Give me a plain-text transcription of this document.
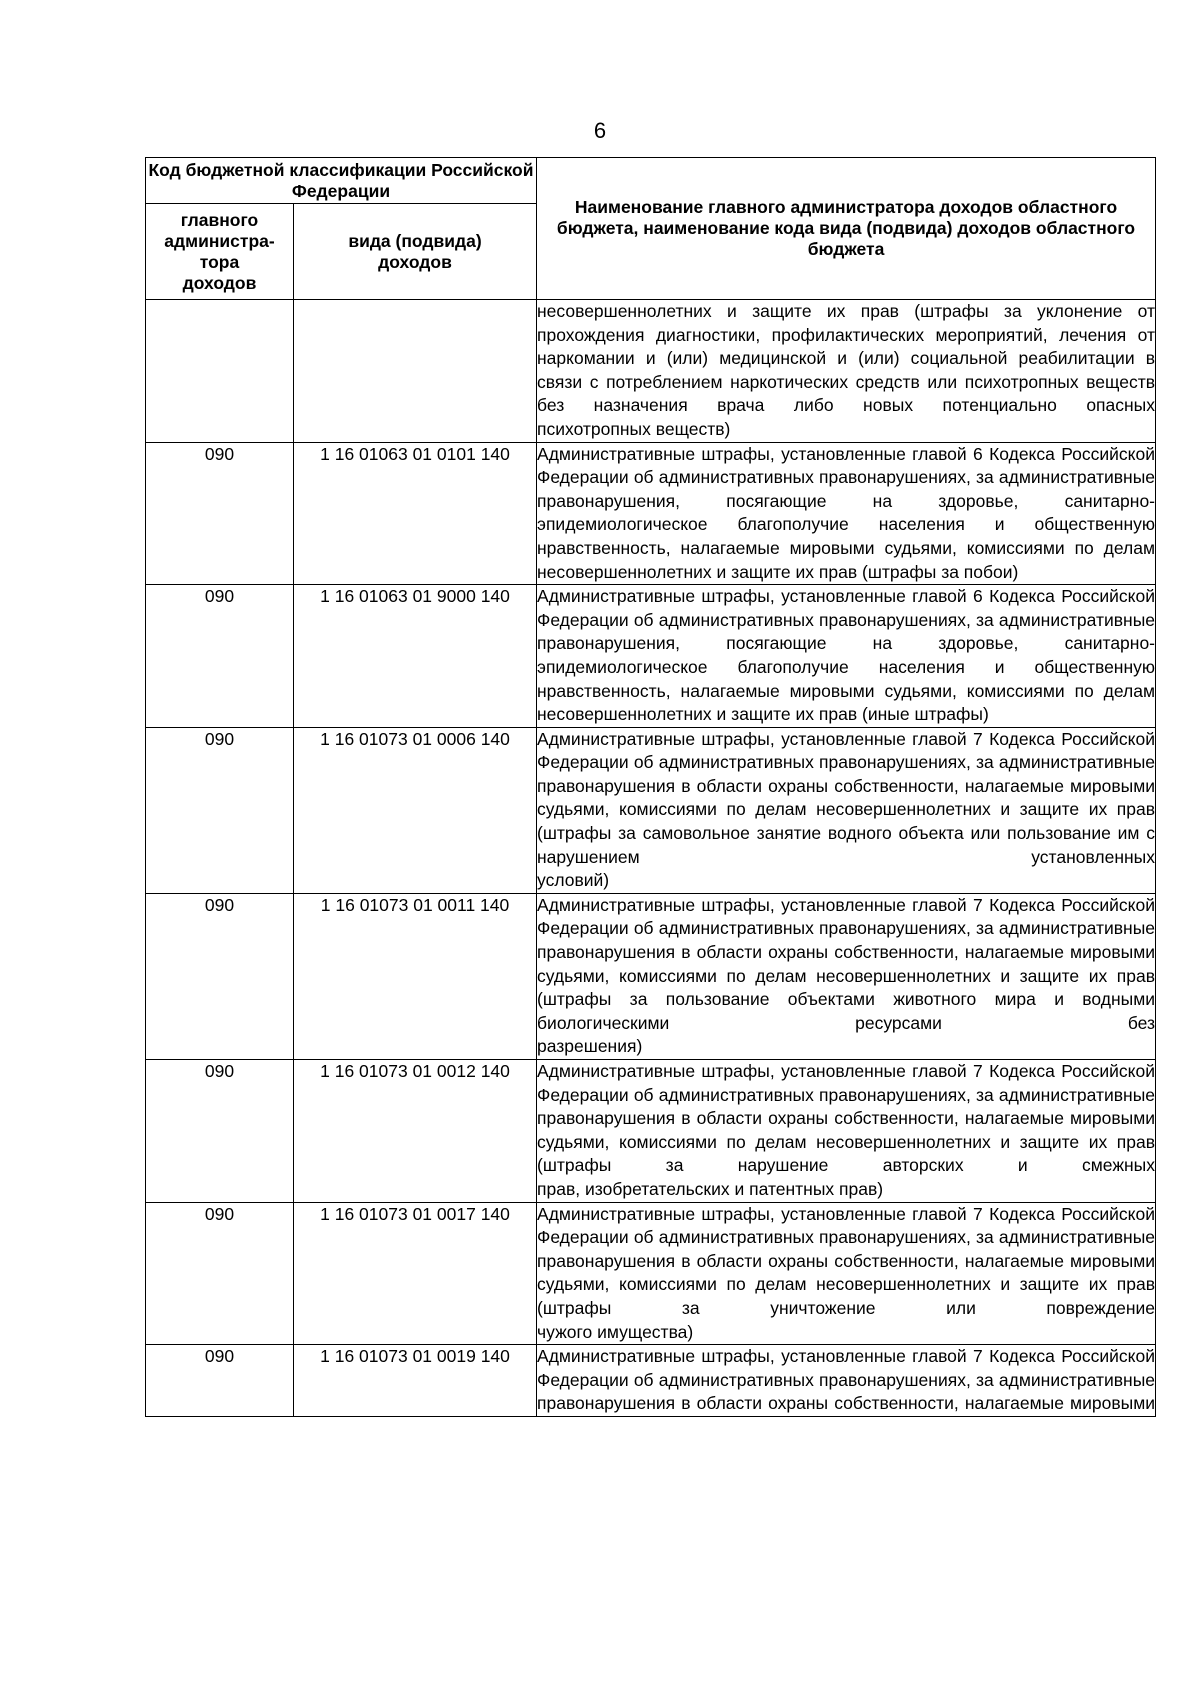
6
Код бюджетной классификации Российской Федерации		Наименование главного администратора доходов областного бюджета, наименование кода вида (подвида) доходов областного бюджета

главного администра-тора доходов	вида (подвида) доходов	

		несовершеннолетних и защите их прав (штрафы за уклонение от прохождения диагностики, профилактических мероприятий, лечения от наркомании и (или) медицинской и (или) социальной реабилитации в связи с потреблением наркотических средств или психотропных веществ без назначения врача либо новых потенциально опасных
психотропных веществ)

090	1 16 01063 01 0101 140	Административные штрафы, установленные главой 6 Кодекса Российской Федерации об административных правонарушениях, за административные правонарушения, посягающие на здоровье, санитарно-эпидемиологическое благополучие населения и общественную нравственность, налагаемые мировыми судьями, комиссиями по делам
несовершеннолетних и защите их прав (штрафы за побои)

090	1 16 01063 01 9000 140	Административные штрафы, установленные главой 6 Кодекса Российской Федерации об административных правонарушениях, за административные правонарушения, посягающие на здоровье, санитарно-эпидемиологическое благополучие населения и общественную нравственность, налагаемые мировыми судьями, комиссиями по делам
несовершеннолетних и защите их прав (иные штрафы)

090	1 16 01073 01 0006 140	Административные штрафы, установленные главой 7 Кодекса Российской Федерации об административных правонарушениях, за административные правонарушения в области охраны собственности, налагаемые мировыми судьями, комиссиями по делам несовершеннолетних и защите их прав (штрафы за самовольное занятие водного объекта или пользование им с нарушением установленных
условий)

090	1 16 01073 01 0011 140	Административные штрафы, установленные главой 7 Кодекса Российской Федерации об административных правонарушениях, за административные правонарушения в области охраны собственности, налагаемые мировыми судьями, комиссиями по делам несовершеннолетних и защите их прав (штрафы за пользование объектами животного мира и водными биологическими ресурсами без
разрешения)

090	1 16 01073 01 0012 140	Административные штрафы, установленные главой 7 Кодекса Российской Федерации об административных правонарушениях, за административные правонарушения в области охраны собственности, налагаемые мировыми судьями, комиссиями по делам несовершеннолетних и защите их прав (штрафы за нарушение авторских и смежных
прав, изобретательских и патентных прав)

090	1 16 01073 01 0017 140	Административные штрафы, установленные главой 7 Кодекса Российской Федерации об административных правонарушениях, за административные правонарушения в области охраны собственности, налагаемые мировыми судьями, комиссиями по делам несовершеннолетних и защите их прав (штрафы за уничтожение или повреждение
чужого имущества)

090	1 16 01073 01 0019 140	Административные штрафы, установленные главой 7 Кодекса Российской Федерации об административных правонарушениях, за административные правонарушения в области охраны собственности, налагаемые мировыми
